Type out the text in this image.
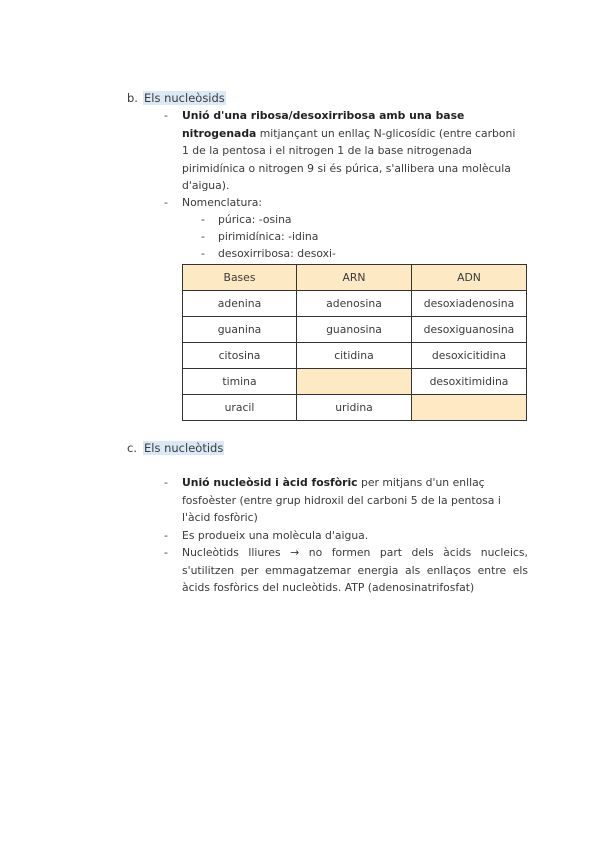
b. Els nucleòsids
- Unió d'una ribosa/desoxirribosa amb una base
nitrogenada mitjançant un enllaç N-glicosídic (entre carboni
1 de la pentosa i el nitrogen 1 de la base nitrogenada
pirimidínica o nitrogen 9 si és púrica, s'allibera una molècula
d'aigua).
- Nomenclatura:
- púrica: -osina
- pirimidínica: -idina
- desoxirribosa: desoxi-
Bases	ARN	ADN
adenina	adenosina	desoxiadenosina
guanina	guanosina	desoxiguanosina
citosina	citidina	desoxicitidina
timina		desoxitimidina
uracil	uridina	
c. Els nucleòtids
- Unió nucleòsid i àcid fosfòric per mitjans d'un enllaç
fosfoèster (entre grup hidroxil del carboni 5 de la pentosa i
l'àcid fosfòric)
- Es produeix una molècula d'aigua.
- Nucleòtids lliures → no formen part dels àcids nucleics,
s'utilitzen per emmagatzemar energia als enllaços entre els
àcids fosfòrics del nucleòtids. ATP (adenosinatrifosfat)
